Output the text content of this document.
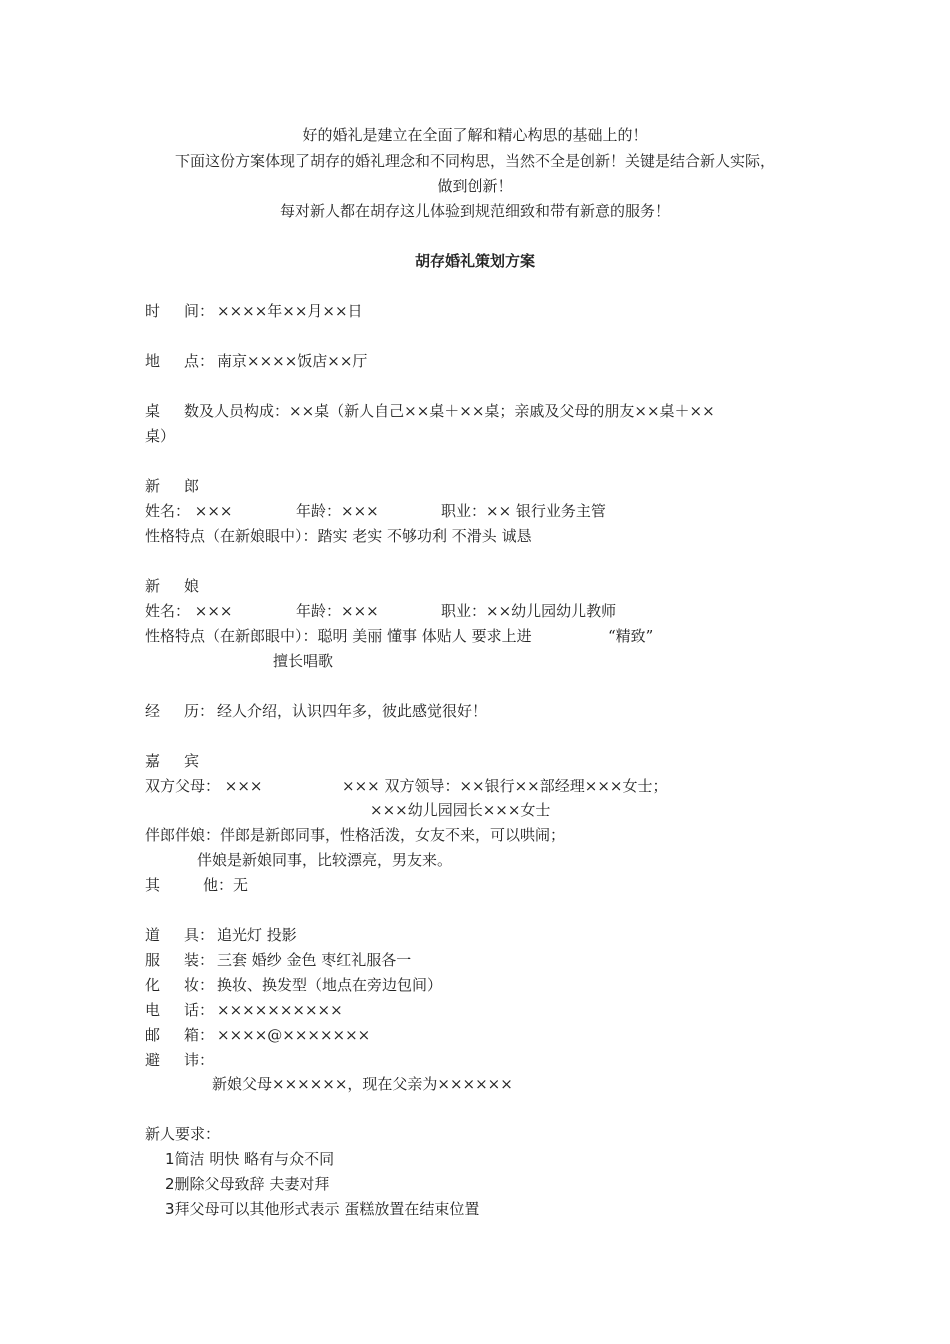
好的婚礼是建立在全面了解和精心构思的基础上的！
下面这份方案体现了胡存的婚礼理念和不同构思，当然不全是创新！关键是结合新人实际，
做到创新！
每对新人都在胡存这儿体验到规范细致和带有新意的服务！
胡存婚礼策划方案
时 间： ××××年××月××日
地 点： 南京××××饭店××厅
桌 数及人员构成：××桌（新人自己××桌＋××桌；亲戚及父母的朋友××桌＋××
桌）
新 郎
姓名： ×××	年龄：×××	职业：×× 银行业务主管
性格特点（在新娘眼中）：踏实 老实 不够功利 不滑头 诚恳
新 娘
姓名： ×××	年龄：×××	职业：××幼儿园幼儿教师
性格特点（在新郎眼中）：聪明 美丽 懂事 体贴人 要求上进	“精致”
擅长唱歌
经 历： 经人介绍，认识四年多，彼此感觉很好！
嘉 宾
双方父母： ×××	××× 双方领导：××银行××部经理×××女士；
×××幼儿园园长×××女士
伴郎伴娘：伴郎是新郎同事，性格活泼，女友不来，可以哄闹；
伴娘是新娘同事，比较漂亮，男友来。
其	他：无
道 具： 追光灯 投影
服 装： 三套 婚纱 金色 枣红礼服各一
化 妆： 换妆、换发型（地点在旁边包间）
电 话： ××××××××××
邮 箱： ××××@×××××××
避 讳：
新娘父母××××××，现在父亲为××××××
新人要求：
1简洁 明快 略有与众不同
2删除父母致辞 夫妻对拜
3拜父母可以其他形式表示 蛋糕放置在结束位置
